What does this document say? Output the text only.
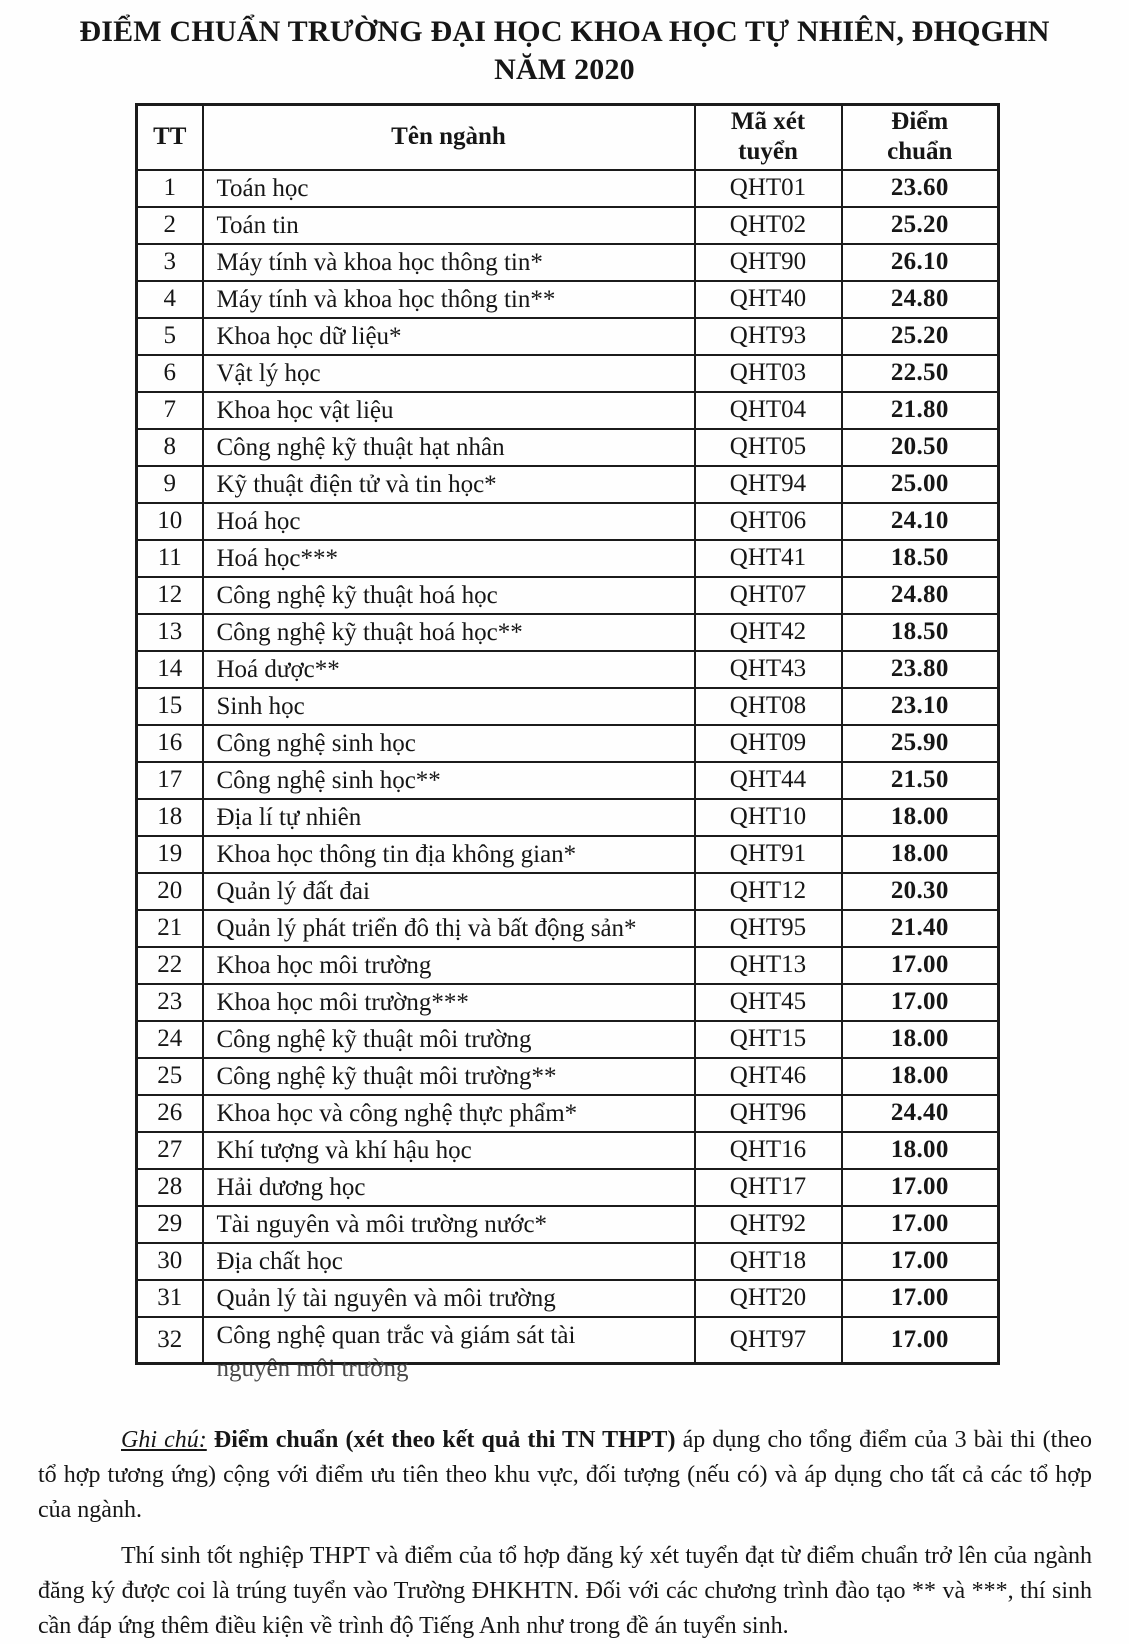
ĐIỂM CHUẨN TRƯỜNG ĐẠI HỌC KHOA HỌC TỰ NHIÊN, ĐHQGHN
NĂM 2020
TT	Tên ngành	Mã xét tuyển	Điểm chuẩn
1	Toán học	QHT01	23.60
2	Toán tin	QHT02	25.20
3	Máy tính và khoa học thông tin*	QHT90	26.10
4	Máy tính và khoa học thông tin**	QHT40	24.80
5	Khoa học dữ liệu*	QHT93	25.20
6	Vật lý học	QHT03	22.50
7	Khoa học vật liệu	QHT04	21.80
8	Công nghệ kỹ thuật hạt nhân	QHT05	20.50
9	Kỹ thuật điện tử và tin học*	QHT94	25.00
10	Hoá học	QHT06	24.10
11	Hoá học***	QHT41	18.50
12	Công nghệ kỹ thuật hoá học	QHT07	24.80
13	Công nghệ kỹ thuật hoá học**	QHT42	18.50
14	Hoá dược**	QHT43	23.80
15	Sinh học	QHT08	23.10
16	Công nghệ sinh học	QHT09	25.90
17	Công nghệ sinh học**	QHT44	21.50
18	Địa lí tự nhiên	QHT10	18.00
19	Khoa học thông tin địa không gian*	QHT91	18.00
20	Quản lý đất đai	QHT12	20.30
21	Quản lý phát triển đô thị và bất động sản*	QHT95	21.40
22	Khoa học môi trường	QHT13	17.00
23	Khoa học môi trường***	QHT45	17.00
24	Công nghệ kỹ thuật môi trường	QHT15	18.00
25	Công nghệ kỹ thuật môi trường**	QHT46	18.00
26	Khoa học và công nghệ thực phẩm*	QHT96	24.40
27	Khí tượng và khí hậu học	QHT16	18.00
28	Hải dương học	QHT17	17.00
29	Tài nguyên và môi trường nước*	QHT92	17.00
30	Địa chất học	QHT18	17.00
31	Quản lý tài nguyên và môi trường	QHT20	17.00
32	Công nghệ quan trắc và giám sát tài
nguyên môi trường	QHT97	17.00

Ghi chú: Điểm chuẩn (xét theo kết quả thi TN THPT) áp dụng cho tổng điểm của 3 bài thi (theo tổ hợp tương ứng) cộng với điểm ưu tiên theo khu vực, đối tượng (nếu có) và áp dụng cho tất cả các tổ hợp của ngành.

Thí sinh tốt nghiệp THPT và điểm của tổ hợp đăng ký xét tuyển đạt từ điểm chuẩn trở lên của ngành đăng ký được coi là trúng tuyển vào Trường ĐHKHTN. Đối với các chương trình đào tạo ** và ***, thí sinh cần đáp ứng thêm điều kiện về trình độ Tiếng Anh như trong đề án tuyển sinh.
